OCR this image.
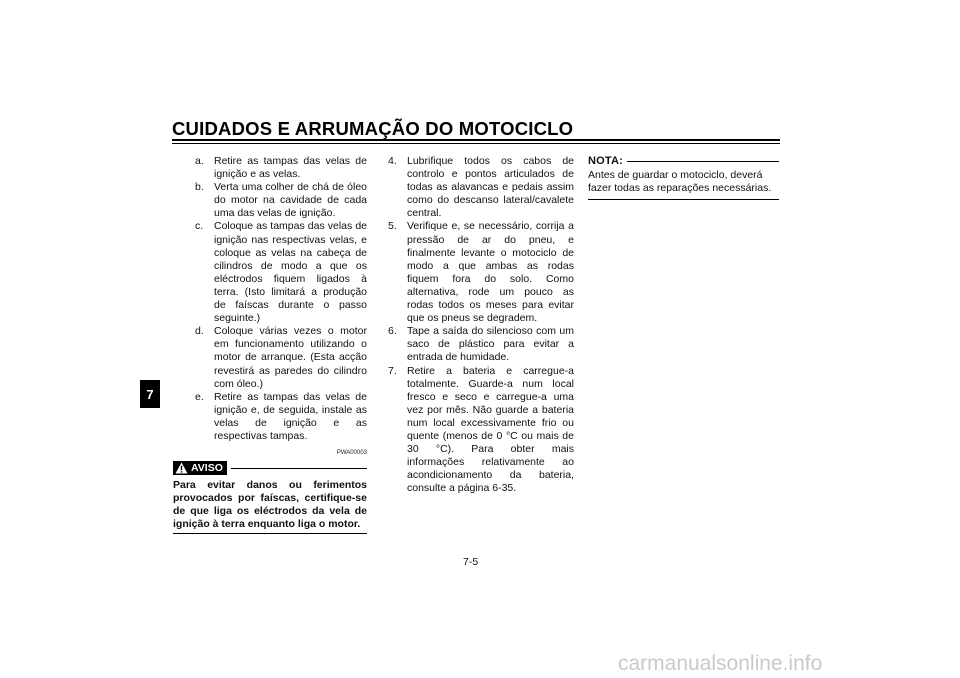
CUIDADOS E ARRUMAÇÃO DO MOTOCICLO
7
a. Retire as tampas das velas de ignição e as velas.
b. Verta uma colher de chá de óleo do motor na cavidade de cada uma das velas de ignição.
c.	Coloque as tampas das velas de ignição nas respectivas velas, e coloque as velas na cabeça de cilindros de modo a que os eléctrodos fiquem ligados à terra. (Isto limitará a produção de faíscas durante o passo seguinte.)
d. Coloque várias vezes o motor em funcionamento utilizando o motor de arranque. (Esta acção revestirá as paredes do cilindro com óleo.)
e. Retire as tampas das velas de ignição e, de seguida, instale as velas de ignição e as respectivas tampas.
PWA00003
AVISO
Para evitar danos ou ferimentos provocados por faíscas, certifique-se de que liga os eléctrodos da vela de ignição à terra enquanto liga o motor.
4. Lubrifique todos os cabos de controlo e pontos articulados de todas as alavancas e pedais assim como do descanso lateral/cavalete central.
5. Verifique e, se necessário, corrija a pressão de ar do pneu, e finalmente levante o motociclo de modo a que ambas as rodas fiquem fora do solo. Como alternativa, rode um pouco as rodas todos os meses para evitar que os pneus se degradem.
6. Tape a saída do silencioso com um saco de plástico para evitar a entrada de humidade.
7. Retire a bateria e carregue-a totalmente. Guarde-a num local fresco e seco e carregue-a uma vez por mês. Não guarde a bateria num local excessivamente frio ou quente (menos de 0 °C ou mais de 30 °C). Para obter mais informações relativamente ao acondicionamento da bateria, consulte a página 6-35.
NOTA:
Antes de guardar o motociclo, deverá fazer todas as reparações necessárias.
7-5
carmanualsonline.info
